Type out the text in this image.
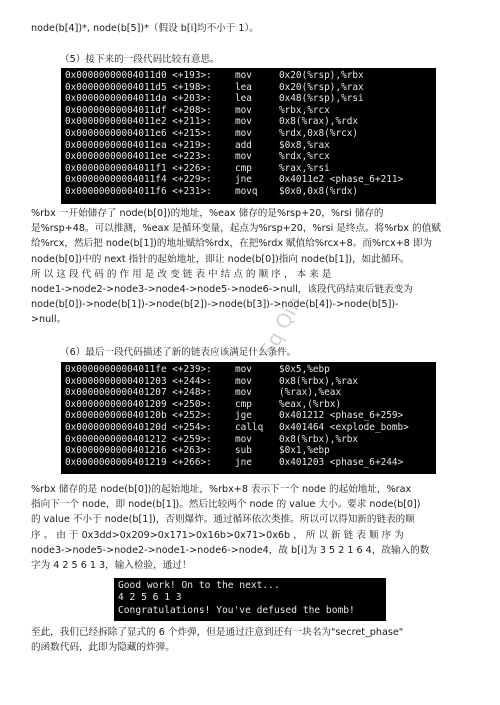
node(b[4])*, node(b[5])*（假设 b[i]均不小于 1）。
（5）接下来的一段代码比较有意思。
0x00000000004011d0 <+193>:	mov	0x20(%rsp),%rbx
0x00000000004011d5 <+198>:	lea	0x20(%rsp),%rax
0x00000000004011da <+203>:	lea	0x48(%rsp),%rsi
0x00000000004011df <+208>:	mov	%rbx,%rcx
0x00000000004011e2 <+211>:	mov	0x8(%rax),%rdx
0x00000000004011e6 <+215>:	mov	%rdx,0x8(%rcx)
0x00000000004011ea <+219>:	add	$0x8,%rax
0x00000000004011ee <+223>:	mov	%rdx,%rcx
0x00000000004011f1 <+226>:	cmp	%rax,%rsi
0x00000000004011f4 <+229>:	jne	0x4011e2 <phase_6+211>
0x00000000004011f6 <+231>:	movq	$0x0,0x8(%rdx)
%rbx 一开始储存了 node(b[0])的地址，%eax 储存的是%rsp+20，%rsi 储存的
是%rsp+48。可以推测，%eax 是循环变量，起点为%rsp+20，%rsi 是终点。将%rbx 的值赋
给%rcx，然后把 node(b[1])的地址赋给%rdx，在把%rdx 赋值给%rcx+8。而%rcx+8 即为
node(b[0])中的 next 指针的起始地址，即让 node(b[0])指向 node(b[1])，如此循环。
所 以 这 段 代 码 的 作 用 是 改 变 链 表 中 结 点 的 顺 序 ， 本 来 是
node1->node2->node3->node4->node5->node6->null，该段代码结束后链表变为
node(b[0])->node(b[1])->node(b[2])->node(b[3])->node(b[4])->node(b[5])-
>null。
（6）最后一段代码描述了新的链表应该满足什么条件。
0x00000000004011fe <+239>:	mov	$0x5,%ebp
0x0000000000401203 <+244>:	mov	0x8(%rbx),%rax
0x0000000000401207 <+248>:	mov	(%rax),%eax
0x0000000000401209 <+250>:	cmp	%eax,(%rbx)
0x000000000040120b <+252>:	jge	0x401212 <phase_6+259>
0x000000000040120d <+254>:	callq	0x401464 <explode_bomb>
0x0000000000401212 <+259>:	mov	0x8(%rbx),%rbx
0x0000000000401216 <+263>:	sub	$0x1,%ebp
0x0000000000401219 <+266>:	jne	0x401203 <phase_6+244>
%rbx 储存的是 node(b[0])的起始地址，%rbx+8 表示下一个 node 的起始地址，%rax
指向下一个 node，即 node(b[1])。然后比较两个 node 的 value 大小。要求 node(b[0])
的 value 不小于 node(b[1])，否则爆炸。通过循环依次类推。所以可以得知新的链表的顺
序 。 由 于 0x3dd>0x209>0x171>0x16b>0x71>0x6b ， 所 以 新 链 表 顺 序 为
node3->node5->node2->node1->node6->node4，故 b[i]为 3 5 2 1 6 4，故输入的数
字为 4 2 5 6 1 3，输入检验，通过！
Good work! On to the next...
4 2 5 6 1 3
Congratulations! You've defused the bomb!
至此，我们已经拆除了显式的 6 个炸弹，但是通过注意到还有一块名为"secret_phase"
的函数代码，此即为隐藏的炸弹。
Sq Qin
